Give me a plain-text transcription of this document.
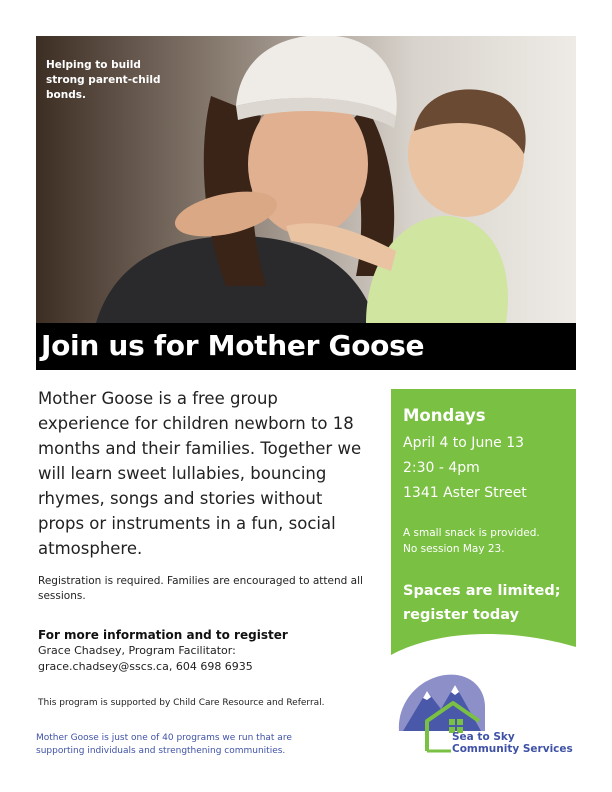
Helping to build strong parent-child bonds.
Join us for Mother Goose

Mother Goose is a free group experience for children newborn to 18 months and their families. Together we will learn sweet lullabies, bouncing rhymes, songs and stories without props or instruments in a fun, social atmosphere.

Registration is required. Families are encouraged to attend all sessions.

For more information and to register

Grace Chadsey, Program Facilitator:

grace.chadsey@sscs.ca, 604 698 6935

This program is supported by Child Care Resource and Referral.

Mother Goose is just one of 40 programs we run that are supporting individuals and strengthening communities.

Mondays

April 4 to June 13

2:30 - 4pm

1341 Aster Street

A small snack is provided.

No session May 23.

Spaces are limited;

register today

Sea to Sky
Community Services
